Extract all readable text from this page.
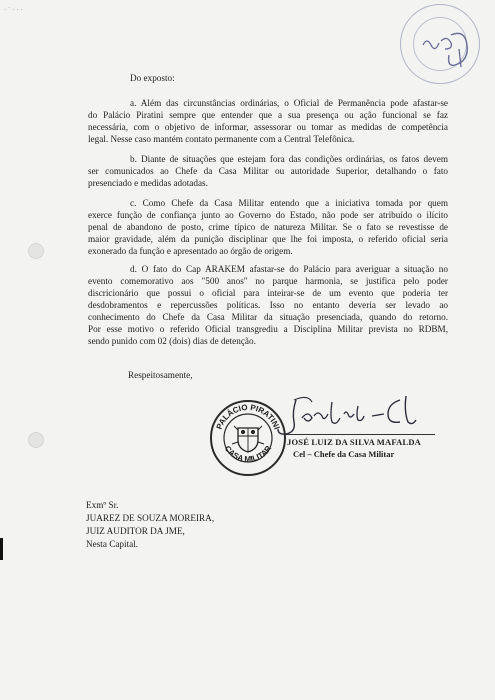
· ` · · ·
Do exposto:
a. Além das circunstâncias ordinárias, o Oficial de Permanência pode afastar-se
do Palácio Piratini sempre que entender que a sua presença ou ação funcional se faz
necessária, com o objetivo de informar, assessorar ou tomar as medidas de competência
legal. Nesse caso mantém contato permanente com a Central Telefônica.
b. Diante de situações que estejam fora das condições ordinárias, os fatos devem
ser comunicados ao Chefe da Casa Militar ou autoridade Superior, detalhando o fato
presenciado e medidas adotadas.
c. Como Chefe da Casa Militar entendo que a iniciativa tomada por quem
exerce função de confiança junto ao Governo do Estado, não pode ser atribuído o ilícito
penal de abandono de posto, crime típico de natureza Militar. Se o fato se revestisse de
maior gravidade, além da punição disciplinar que lhe foi imposta, o referido oficial seria
exonerado da função e apresentado ao órgão de origem.
d. O fato do Cap ARAKEM afastar-se do Palácio para averiguar a situação no
evento comemorativo aos "500 anos" no parque harmonia, se justifica pelo poder
discricionário que possui o oficial para inteirar-se de um evento que poderia ter
desdobramentos e repercussões políticas. Isso no entanto deveria ser levado ao
conhecimento do Chefe da Casa Militar da situação presenciada, quando do retorno.
Por esse motivo o referido Oficial transgrediu a Disciplina Militar prevista no RDBM,
sendo punido com 02 (dois) dias de detenção.
Respeitosamente,
PALÁCIO PIRATINI
CASA MILITAR
JOSÉ LUIZ DA SILVA MAFALDA
Cel – Chefe da Casa Militar
Exmº Sr.
JUAREZ DE SOUZA MOREIRA,
JUIZ AUDITOR DA JME,
Nesta Capital.
